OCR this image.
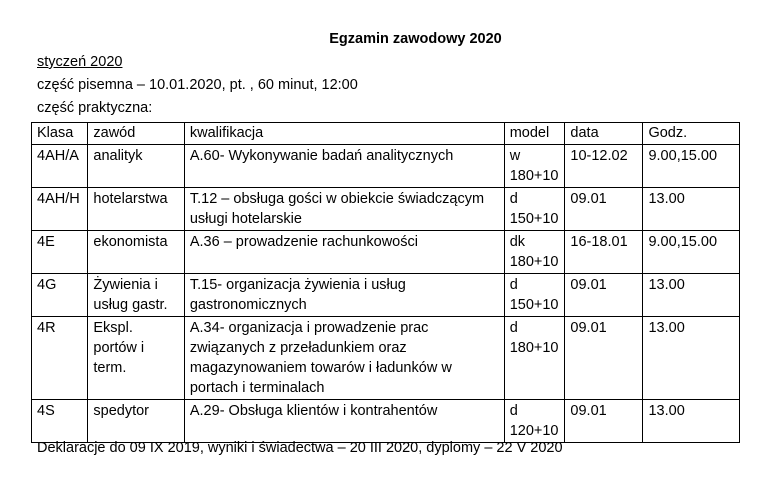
Egzamin zawodowy 2020
styczeń 2020
część pisemna – 10.01.2020, pt. , 60 minut, 12:00
część praktyczna:
Klasa	zawód	kwalifikacja	model	data	Godz.
4AH/A	analityk	A.60- Wykonywanie badań analitycznych	w 180+10	10-12.02	9.00,15.00
4AH/H	hotelarstwa	T.12 – obsługa gości w obiekcie świadczącym usługi hotelarskie	d 150+10	09.01	13.00
4E	ekonomista	A.36 – prowadzenie rachunkowości	dk 180+10	16-18.01	9.00,15.00
4G	Żywienia i usług gastr.	T.15- organizacja żywienia i usług gastronomicznych	d 150+10	09.01	13.00
4R	Ekspl. portów i term.	A.34- organizacja i prowadzenie prac związanych z przeładunkiem oraz magazynowaniem towarów i ładunków w portach i terminalach	d 180+10	09.01	13.00
4S	spedytor	A.29- Obsługa klientów i kontrahentów	d 120+10	09.01	13.00
Deklaracje do 09 IX 2019, wyniki i świadectwa – 20 III 2020, dyplomy – 22 V 2020
